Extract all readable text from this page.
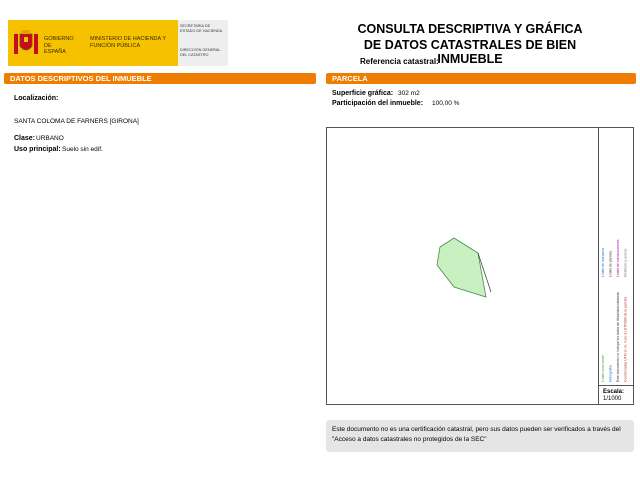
GOBIERNO DE ESPAÑA
MINISTERIO DE HACIENDA Y FUNCIÓN PÚBLICA
SECRETARÍA DE ESTADO DE HACIENDA
DIRECCIÓN GENERAL DEL CATASTRO
CONSULTA DESCRIPTIVA Y GRÁFICA
DE DATOS CATASTRALES DE BIEN INMUEBLE
Referencia catastral:
DATOS DESCRIPTIVOS DEL INMUEBLE	PARCELA
Localización:
SANTA COLOMA DE FARNERS [GIRONA]
Clase: URBANO
Uso principal: Suelo sin edif.
Superficie gráfica: 302 m2
Participación del inmueble: 100,00 %
Límite de manzana Límite de parcela Límite de construcciones Mobiliario y aceras
Límite zona verde Hidrografía Este documento no incluye los datos de titularidad catastral. Coordenadas UTM en m, huso 31 ETRS89 de la parcela
Escala:
1/1000
Este documento no es una certificación catastral, pero sus datos pueden ser verificados a través del "Acceso a datos catastrales no protegidos de la SEC"
